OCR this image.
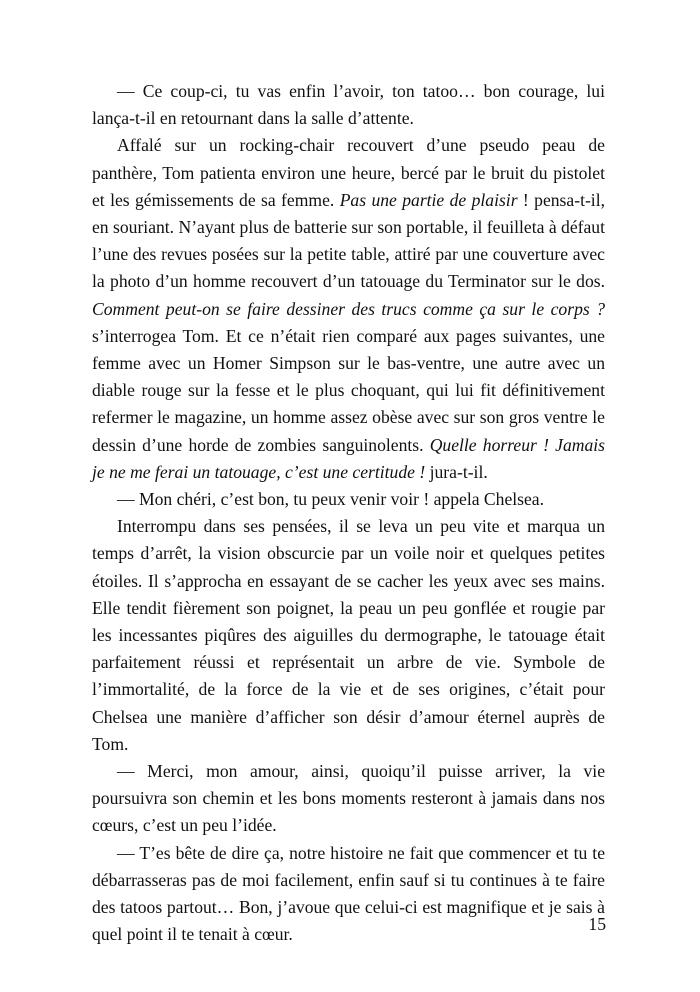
— Ce coup-ci, tu vas enfin l’avoir, ton tatoo… bon courage, lui lança-t-il en retournant dans la salle d’attente.

Affalé sur un rocking-chair recouvert d’une pseudo peau de panthère, Tom patienta environ une heure, bercé par le bruit du pistolet et les gémissements de sa femme. Pas une partie de plaisir ! pensa-t-il, en souriant. N’ayant plus de batterie sur son portable, il feuilleta à défaut l’une des revues posées sur la petite table, attiré par une couverture avec la photo d’un homme recouvert d’un tatouage du Terminator sur le dos. Comment peut-on se faire dessiner des trucs comme ça sur le corps ? s’interrogea Tom. Et ce n’était rien comparé aux pages suivantes, une femme avec un Homer Simpson sur le bas-ventre, une autre avec un diable rouge sur la fesse et le plus choquant, qui lui fit définitivement refermer le magazine, un homme assez obèse avec sur son gros ventre le dessin d’une horde de zombies sanguinolents. Quelle horreur ! Jamais je ne me ferai un tatouage, c’est une certitude ! jura-t-il.

— Mon chéri, c’est bon, tu peux venir voir ! appela Chelsea.

Interrompu dans ses pensées, il se leva un peu vite et marqua un temps d’arrêt, la vision obscurcie par un voile noir et quelques petites étoiles. Il s’approcha en essayant de se cacher les yeux avec ses mains. Elle tendit fièrement son poignet, la peau un peu gonflée et rougie par les incessantes piqûres des aiguilles du dermographe, le tatouage était parfaitement réussi et représentait un arbre de vie. Symbole de l’immortalité, de la force de la vie et de ses origines, c’était pour Chelsea une manière d’afficher son désir d’amour éternel auprès de Tom.

— Merci, mon amour, ainsi, quoiqu’il puisse arriver, la vie poursuivra son chemin et les bons moments resteront à jamais dans nos cœurs, c’est un peu l’idée.

— T’es bête de dire ça, notre histoire ne fait que commencer et tu te débarrasseras pas de moi facilement, enfin sauf si tu continues à te faire des tatoos partout… Bon, j’avoue que celui-ci est magnifique et je sais à quel point il te tenait à cœur.

15
